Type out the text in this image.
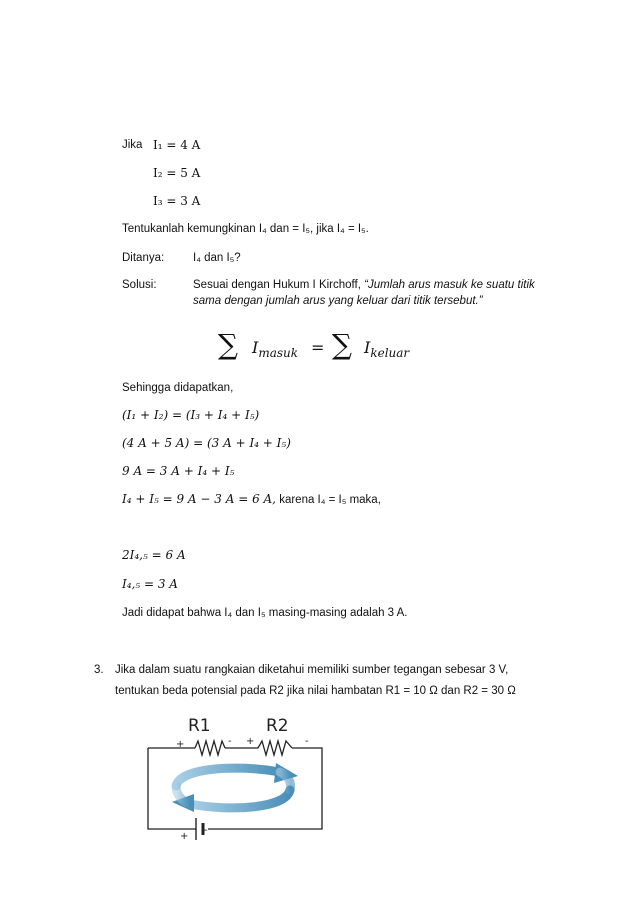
Jika I₁ = 4 A
I₂ = 5 A
I₃ = 3 A
Tentukanlah kemungkinan I₄ dan = I₅, jika I₄ = I₅.
Ditanya:	I₄ dan I₅?
Solusi:	Sesuai dengan Hukum I Kirchoff, “Jumlah arus masuk ke suatu titik
sama dengan jumlah arus yang keluar dari titik tersebut.”
∑ $I_{masuk}$ = ∑ $I_{keluar}$
Sehingga didapatkan,
(I₁ + I₂) = (I₃ + I₄ + I₅)
(4 A + 5 A) = (3 A + I₄ + I₅)
9 A = 3 A + I₄ + I₅
I₄ + I₅ = 9 A − 3 A = 6 A, karena I₄ = I₅ maka,
2I₄,₅ = 6 A
I₄,₅ = 3 A
Jadi didapat bahwa I₄ dan I₅ masing-masing adalah 3 A.
3. Jika dalam suatu rangkaian diketahui memiliki sumber tegangan sebesar 3 V,
tentukan beda potensial pada R2 jika nilai hambatan R1 = 10 Ω dan R2 = 30 Ω
R1	R2
+	- +	-
+
-
